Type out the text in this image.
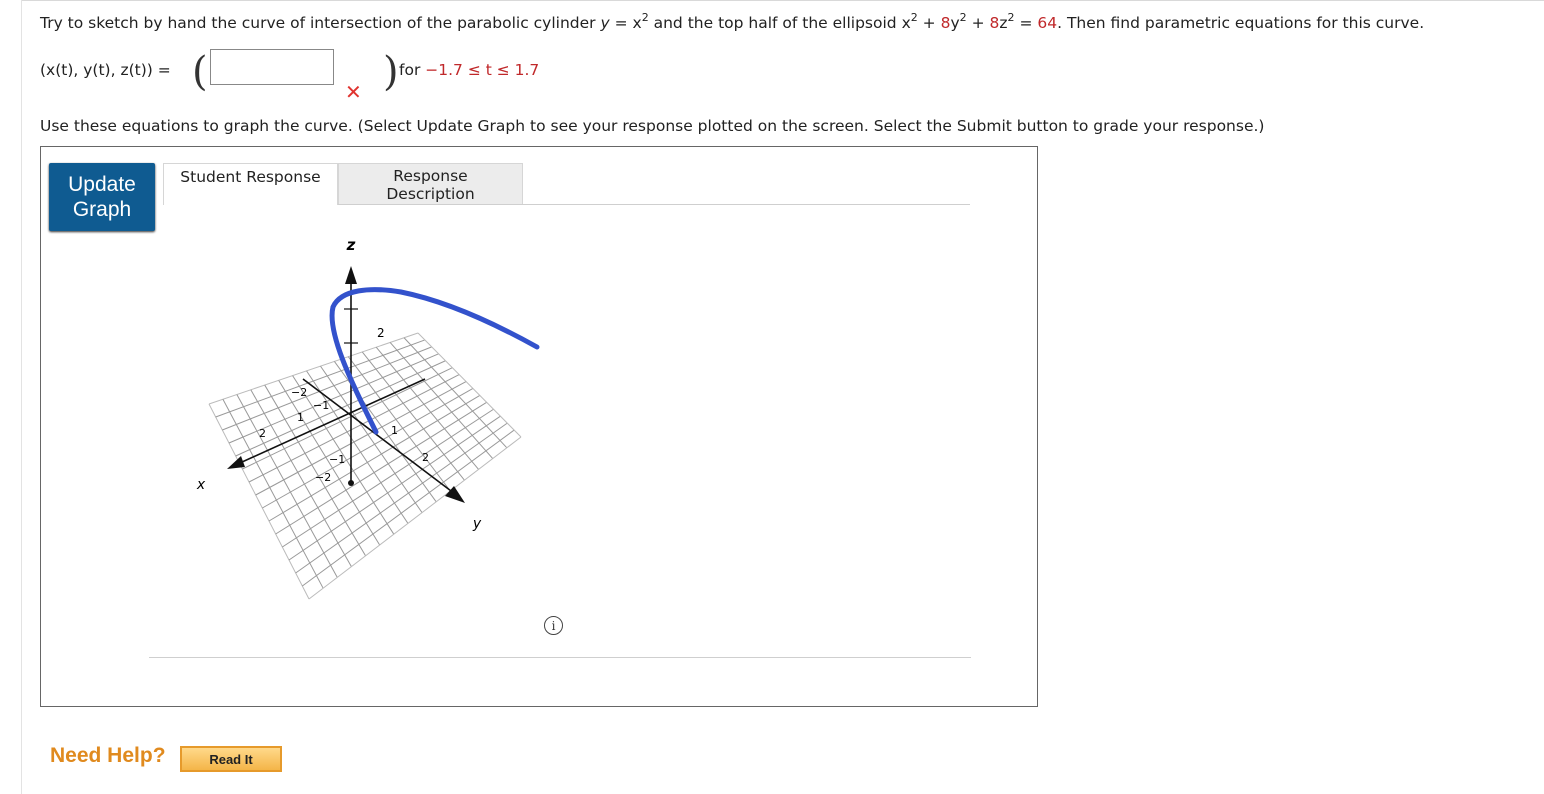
Try to sketch by hand the curve of intersection of the parabolic cylinder $y = x^2$ and the top half of the ellipsoid $x^2 + 8y^2 + 8z^2 = 64$. Then find parametric equations for this curve.
(x(t), y(t), z(t)) = (	)
✕
for −1.7 ≤ t ≤ 1.7
Use these equations to graph the curve. (Select Update Graph to see your response plotted on the screen. Select the Submit button to grade your response.)
Update
Graph
Student Response	Response
Description
z
x
y
2
2
1
−1
−2
1
2
−1
−2
i
Need Help?	Read It
